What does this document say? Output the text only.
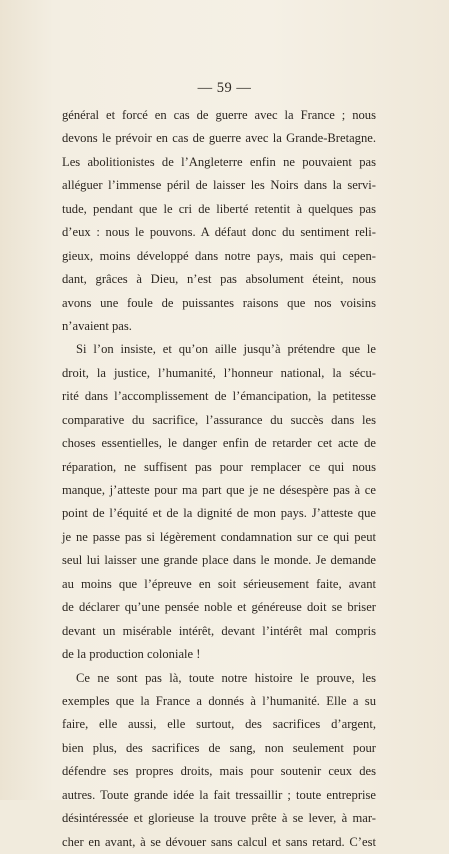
— 59 —
général et forcé en cas de guerre avec la France ; nous
devons le prévoir en cas de guerre avec la Grande-Bretagne.
Les abolitionistes de l’Angleterre enfin ne pouvaient pas
alléguer l’immense péril de laisser les Noirs dans la servi-
tude, pendant que le cri de liberté retentit à quelques pas
d’eux : nous le pouvons. A défaut donc du sentiment reli-
gieux, moins développé dans notre pays, mais qui cepen-
dant, grâces à Dieu, n’est pas absolument éteint, nous
avons une foule de puissantes raisons que nos voisins
n’avaient pas.
Si l’on insiste, et qu’on aille jusqu’à prétendre que le
droit, la justice, l’humanité, l’honneur national, la sécu-
rité dans l’accomplissement de l’émancipation, la petitesse
comparative du sacrifice, l’assurance du succès dans les
choses essentielles, le danger enfin de retarder cet acte de
réparation, ne suffisent pas pour remplacer ce qui nous
manque, j’atteste pour ma part que je ne désespère pas à ce
point de l’équité et de la dignité de mon pays. J’atteste que
je ne passe pas si légèrement condamnation sur ce qui peut
seul lui laisser une grande place dans le monde. Je demande
au moins que l’épreuve en soit sérieusement faite, avant
de déclarer qu’une pensée noble et généreuse doit se briser
devant un misérable intérêt, devant l’intérêt mal compris
de la production coloniale !
Ce ne sont pas là, toute notre histoire le prouve, les
exemples que la France a donnés à l’humanité. Elle a su
faire, elle aussi, elle surtout, des sacrifices d’argent,
bien plus, des sacrifices de sang, non seulement pour
défendre ses propres droits, mais pour soutenir ceux des
autres. Toute grande idée la fait tressaillir ; toute entreprise
désintéressée et glorieuse la trouve prête à se lever, à mar-
cher en avant, à se dévouer sans calcul et sans retard. C’est
